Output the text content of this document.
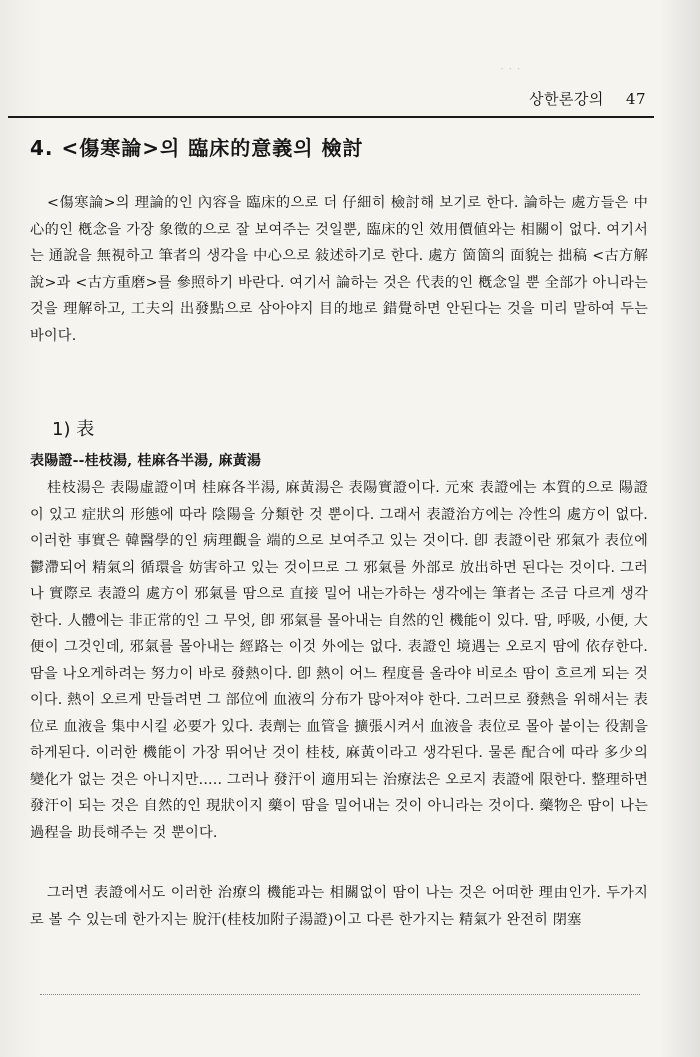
· · ·
상한론강의 47
4. <傷寒論>의 臨床的意義의 檢討
<傷寒論>의 理論的인 內容을 臨床的으로 더 仔細히 檢討해 보기로 한다. 論하는 處方들은 中心的인 槪念을 가장 象徵的으로 잘 보여주는 것일뿐, 臨床的인 效用價値와는 相關이 없다. 여기서는 通說을 無視하고 筆者의 생각을 中心으로 敍述하기로 한다. 處方 箇箇의 面貌는 拙稿 <古方解說>과 <古方重磨>를 參照하기 바란다. 여기서 論하는 것은 代表的인 槪念일 뿐 全部가 아니라는 것을 理解하고, 工夫의 出發點으로 삼아야지 目的地로 錯覺하면 안된다는 것을 미리 말하여 두는 바이다.
1) 表
表陽證--桂枝湯, 桂麻各半湯, 麻黃湯
桂枝湯은 表陽虛證이며 桂麻各半湯, 麻黃湯은 表陽實證이다. 元來 表證에는 本質的으로 陽證이 있고 症狀의 形態에 따라 陰陽을 分類한 것 뿐이다. 그래서 表證治方에는 冷性의 處方이 없다. 이러한 事實은 韓醫學的인 病理觀을 端的으로 보여주고 있는 것이다. 卽 表證이란 邪氣가 表位에 鬱滯되어 精氣의 循環을 妨害하고 있는 것이므로 그 邪氣를 外部로 放出하면 된다는 것이다. 그러나 實際로 表證의 處方이 邪氣를 땀으로 直接 밀어 내는가하는 생각에는 筆者는 조금 다르게 생각한다. 人體에는 非正常的인 그 무엇, 卽 邪氣를 몰아내는 自然的인 機能이 있다. 땀, 呼吸, 小便, 大便이 그것인데, 邪氣를 몰아내는 經路는 이것 外에는 없다. 表證인 境遇는 오로지 땀에 依存한다. 땀을 나오게하려는 努力이 바로 發熱이다. 卽 熱이 어느 程度를 올라야 비로소 땀이 흐르게 되는 것이다. 熱이 오르게 만들려면 그 部位에 血液의 分布가 많아져야 한다. 그러므로 發熱을 위해서는 表位로 血液을 集中시킬 必要가 있다. 表劑는 血管을 擴張시켜서 血液을 表位로 몰아 붙이는 役割을 하게된다. 이러한 機能이 가장 뛰어난 것이 桂枝, 麻黃이라고 생각된다. 물론 配合에 따라 多少의 變化가 없는 것은 아니지만..... 그러나 發汗이 適用되는 治療法은 오로지 表證에 限한다. 整理하면 發汗이 되는 것은 自然的인 現狀이지 藥이 땀을 밀어내는 것이 아니라는 것이다. 藥物은 땀이 나는 過程을 助長해주는 것 뿐이다.
그러면 表證에서도 이러한 治療의 機能과는 相關없이 땀이 나는 것은 어떠한 理由인가. 두가지로 볼 수 있는데 한가지는 脫汗(桂枝加附子湯證)이고 다른 한가지는 精氣가 완전히 閉塞
